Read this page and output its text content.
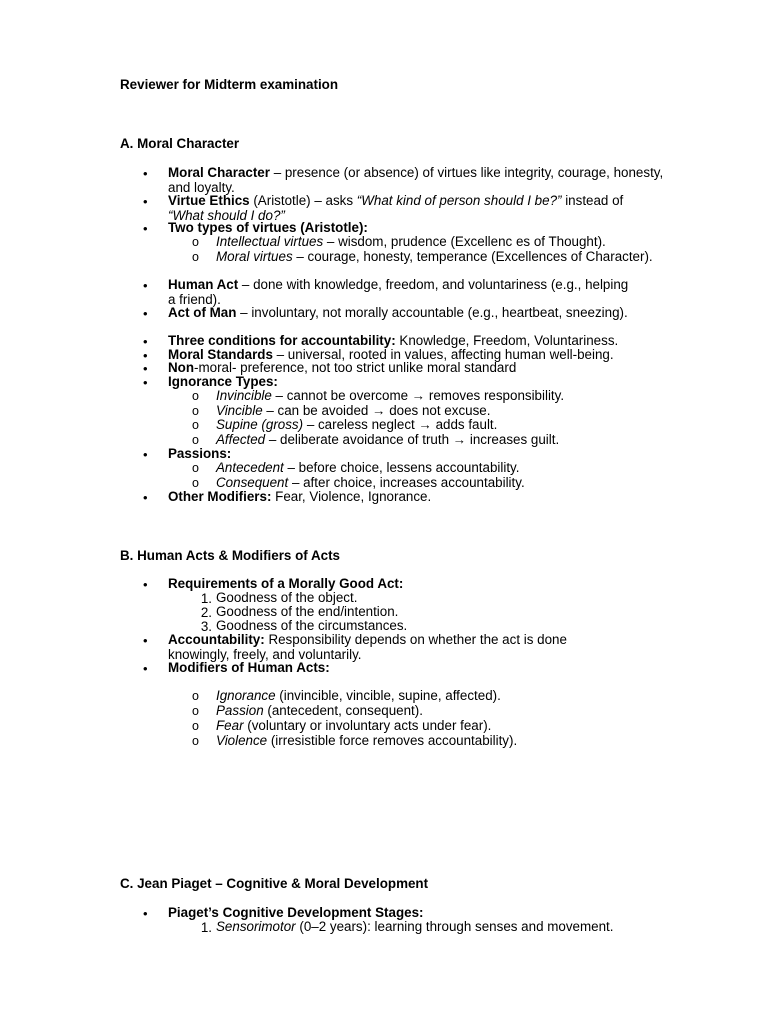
Reviewer for Midterm examination
A. Moral Character
• Moral Character – presence (or absence) of virtues like integrity, courage, honesty, and loyalty.
• Virtue Ethics (Aristotle) – asks “What kind of person should I be?” instead of
“What should I do?”
• Two types of virtues (Aristotle):
o Intellectual virtues – wisdom, prudence (Excellenc es of Thought).
o Moral virtues – courage, honesty, temperance (Excellences of Character).
• Human Act – done with knowledge, freedom, and voluntariness (e.g., helping a friend).
• Act of Man – involuntary, not morally accountable (e.g., heartbeat, sneezing).
• Three conditions for accountability: Knowledge, Freedom, Voluntariness.
• Moral Standards – universal, rooted in values, affecting human well-being.
• Non-moral- preference, not too strict unlike moral standard
• Ignorance Types:
o Invincible – cannot be overcome → removes responsibility.
o Vincible – can be avoided → does not excuse.
o Supine (gross) – careless neglect → adds fault.
o Affected – deliberate avoidance of truth → increases guilt.
• Passions:
o Antecedent – before choice, lessens accountability.
o Consequent – after choice, increases accountability.
• Other Modifiers: Fear, Violence, Ignorance.
B. Human Acts & Modifiers of Acts
• Requirements of a Morally Good Act:
1. Goodness of the object.
2. Goodness of the end/intention.
3. Goodness of the circumstances.
• Accountability: Responsibility depends on whether the act is done knowingly, freely, and voluntarily.
• Modifiers of Human Acts:
o Ignorance (invincible, vincible, supine, affected).
o Passion (antecedent, consequent).
o Fear (voluntary or involuntary acts under fear).
o Violence (irresistible force removes accountability).
C. Jean Piaget – Cognitive & Moral Development
• Piaget’s Cognitive Development Stages:
1. Sensorimotor (0–2 years): learning through senses and movement.
